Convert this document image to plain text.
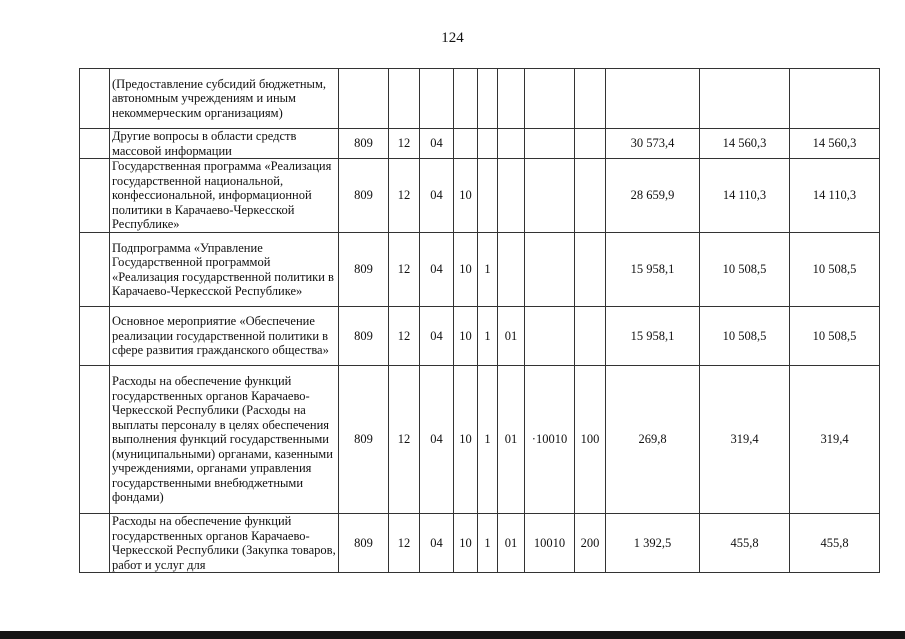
124
	(Предоставление субсидий бюджетным, автономным учреждениям и иным некоммерческим организациям)											
	Другие вопросы в области средств массовой информации	809	12	04						30 573,4	14 560,3	14 560,3
	Государственная программа «Реализация государственной национальной, конфессиональной, информационной политики в Карачаево-Черкесской Республике»	809	12	04	10					28 659,9	14 110,3	14 110,3
	Подпрограмма «Управление Государственной программой «Реализация государственной политики в Карачаево-Черкесской Республике»	809	12	04	10	1				15 958,1	10 508,5	10 508,5
	Основное мероприятие «Обеспечение реализации государственной политики в сфере развития гражданского общества»	809	12	04	10	1	01			15 958,1	10 508,5	10 508,5
	Расходы на обеспечение функций государственных органов Карачаево-Черкесской Республики (Расходы на выплаты персоналу в целях обеспечения выполнения функций государственными (муниципальными) органами, казенными учреждениями, органами управления государственными внебюджетными фондами)	809	12	04	10	1	01	·10010	100	269,8	319,4	319,4
	Расходы на обеспечение функций государственных органов Карачаево-Черкесской Республики (Закупка товаров, работ и услуг для	809	12	04	10	1	01	10010	200	1 392,5	455,8	455,8
